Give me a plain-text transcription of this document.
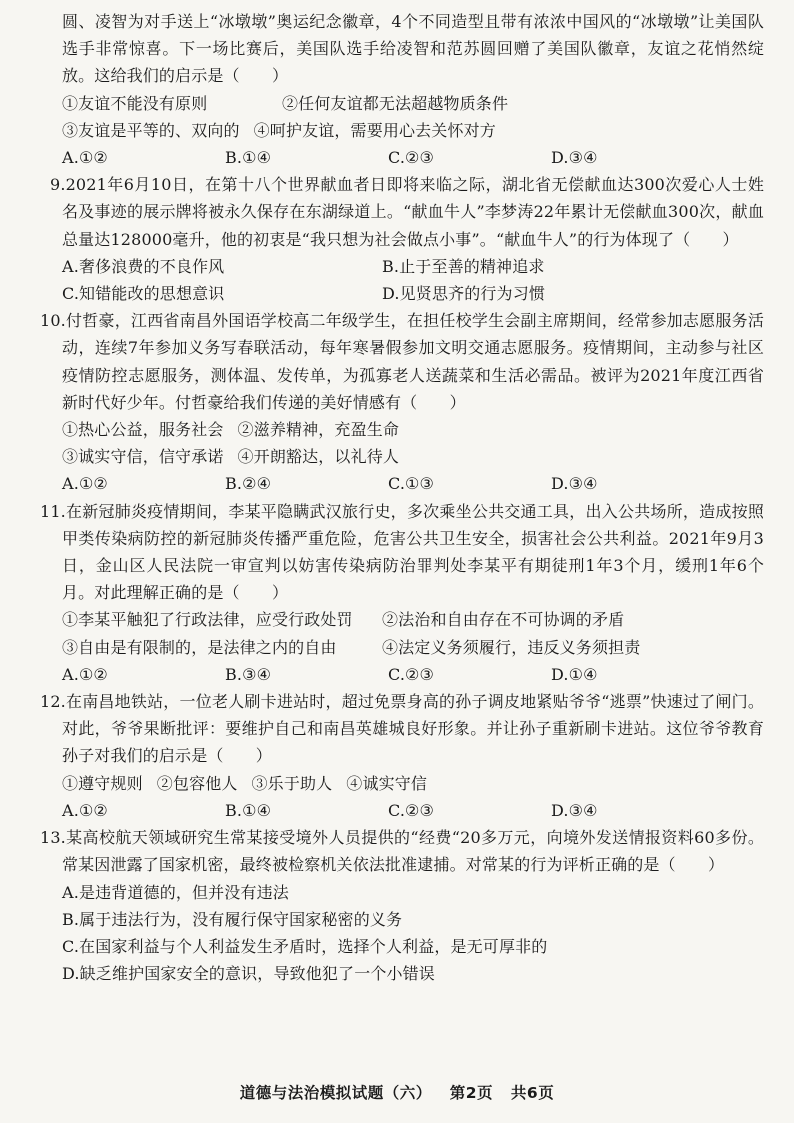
圆、凌智为对手送上“冰墩墩”奥运纪念徽章，4个不同造型且带有浓浓中国风的“冰墩墩”让美国队选手非常惊喜。下一场比赛后，美国队选手给凌智和范苏圆回赠了美国队徽章，友谊之花悄然绽放。这给我们的启示是（　　）

①友谊不能没有原则	②任何友谊都无法超越物质条件
③友谊是平等的、双向的 ④呵护友谊，需要用心去关怀对方
A.①②	B.①④	C.②③	D.③④

9.2021年6月10日，在第十八个世界献血者日即将来临之际，湖北省无偿献血达300次爱心人士姓名及事迹的展示牌将被永久保存在东湖绿道上。“献血牛人”李梦涛22年累计无偿献血300次，献血总量达128000毫升，他的初衷是“我只想为社会做点小事”。“献血牛人”的行为体现了（　　）

A.奢侈浪费的不良作风	B.止于至善的精神追求
C.知错能改的思想意识	D.见贤思齐的行为习惯

10.付哲豪，江西省南昌外国语学校高二年级学生，在担任校学生会副主席期间，经常参加志愿服务活动，连续7年参加义务写春联活动，每年寒暑假参加文明交通志愿服务。疫情期间，主动参与社区疫情防控志愿服务，测体温、发传单，为孤寡老人送蔬菜和生活必需品。被评为2021年度江西省新时代好少年。付哲豪给我们传递的美好情感有（　　）

①热心公益，服务社会 ②滋养精神，充盈生命
③诚实守信，信守承诺 ④开朗豁达，以礼待人
A.①②	B.②④	C.①③	D.③④

11.在新冠肺炎疫情期间，李某平隐瞒武汉旅行史，多次乘坐公共交通工具，出入公共场所，造成按照甲类传染病防控的新冠肺炎传播严重危险，危害公共卫生安全，损害社会公共利益。2021年9月3日，金山区人民法院一审宣判以妨害传染病防治罪判处李某平有期徒刑1年3个月，缓刑1年6个月。对此理解正确的是（　　）

①李某平触犯了行政法律，应受行政处罚	②法治和自由存在不可协调的矛盾
③自由是有限制的，是法律之内的自由	④法定义务须履行，违反义务须担责
A.①②	B.③④	C.②③	D.①④

12.在南昌地铁站，一位老人刷卡进站时，超过免票身高的孙子调皮地紧贴爷爷“逃票”快速过了闸门。对此，爷爷果断批评：要维护自己和南昌英雄城良好形象。并让孙子重新刷卡进站。这位爷爷教育孙子对我们的启示是（　　）

①遵守规则 ②包容他人 ③乐于助人 ④诚实守信
A.①②	B.①④	C.②③	D.③④

13.某高校航天领域研究生常某接受境外人员提供的“经费“20多万元，向境外发送情报资料60多份。常某因泄露了国家机密，最终被检察机关依法批准逮捕。对常某的行为评析正确的是（　　）

A.是违背道德的，但并没有违法
B.属于违法行为，没有履行保守国家秘密的义务
C.在国家利益与个人利益发生矛盾时，选择个人利益，是无可厚非的
D.缺乏维护国家安全的意识，导致他犯了一个小错误
道德与法治模拟试题（六） 第2页 共6页
